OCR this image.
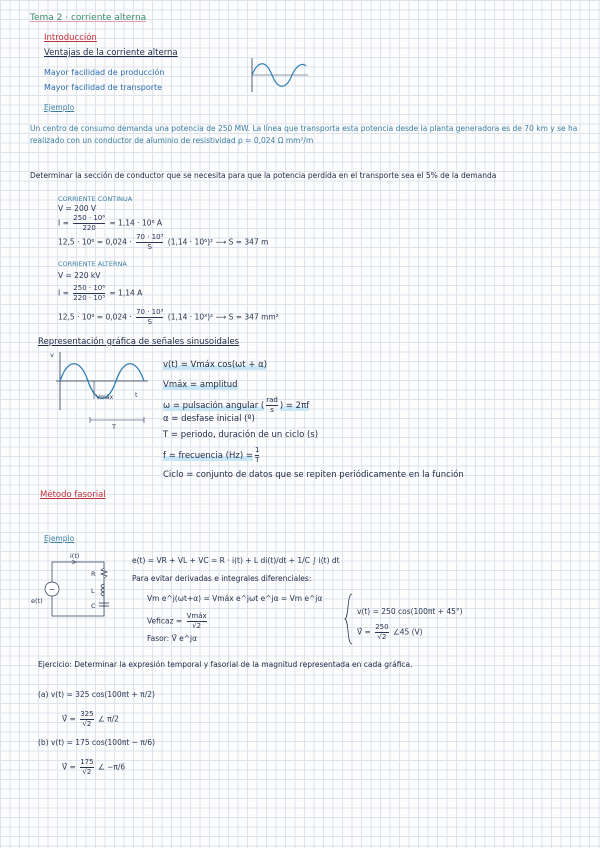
Tema 2 · corriente alterna
Introducción
Ventajas de la corriente alterna
Mayor facilidad de producción
Mayor facilidad de transporte
Ejemplo
Un centro de consumo demanda una potencia de 250 MW. La línea que transporta esta potencia desde la planta generadora es de 70 km y se ha realizado con un conductor de aluminio de resistividad ρ = 0,024 Ω mm²/m
Determinar la sección de conductor que se necesita para que la potencia perdida en el transporte sea el 5% de la demanda
CORRIENTE CONTINUA
V = 200 V
$I = \frac{\text{250 · 10⁶}}{220} = 1,14 \cdot 10^6$ A
$12,5 \cdot 10^6 = 0,024 \cdot \frac{\text{70 · 10³}}{S} (1,14 \cdot 10^6)^2$ ⟶ S = 347 m
CORRIENTE ALTERNA
V = 220 kV
$I = \frac{\text{250 · 10⁶}}{\text{220 · 10³}} = 1,14$ A
$12,5 \cdot 10^6 = 0,024 \cdot \frac{\text{70 · 10³}}{S} (1,14 \cdot 10^3)^2$ ⟶ S = 347 mm²
Representación gráfica de señales sinusoidales
v
t
Vmáx
T
v(t) = Vmáx cos(ωt + α)
Vmáx = amplitud
ω = pulsación angular ( $\frac{\text{rad}}{s}$ ) = 2πf
α = desfase inicial (º)
T = periodo, duración de un ciclo (s)
f = frecuencia $(Hz) = \frac{1}{T}$
Ciclo = conjunto de datos que se repiten periódicamente en la función
Método fasorial
Ejemplo
~
i(t)
e(t)
R
L
C
e(t) = VR + VL + VC = R · i(t) + L di(t)/dt + 1/C ∫ i(t) dt
Para evitar derivadas e integrales diferenciales:
Vm e^j(ωt+α) = Vmáx e^jωt e^jα = Vm e^jα
Veficaz = $\frac{\text{Vmáx}}{√2}$
Fasor: V⃗ e^jα
v(t) = 250 cos(100πt + 45°)
V⃗ = $\frac{250}{√2}$ ∠45 (V)
Ejercicio: Determinar la expresión temporal y fasorial de la magnitud representada en cada gráfica.
(a) v(t) = 325 cos(100πt + π/2)
V⃗ = $\frac{325}{√2}$ ∠ π/2
(b) v(t) = 175 cos(100πt − π/6)
V⃗ = $\frac{175}{√2}$ ∠ −π/6
